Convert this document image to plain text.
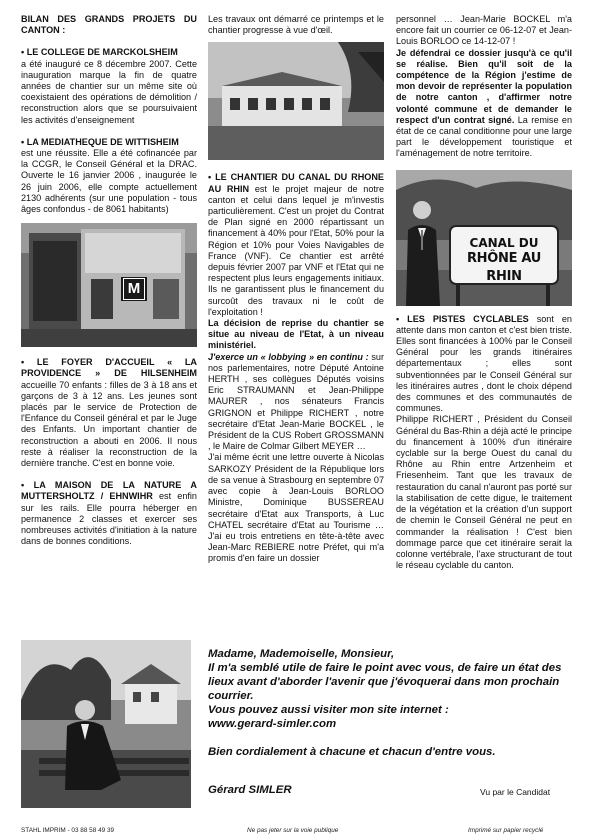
BILAN DES GRANDS PROJETS DU CANTON :

• LE COLLEGE DE MARCKOLSHEIM
a été inauguré ce 8 décembre 2007. Cette inauguration marque la fin de quatre années de chantier sur un même site où coexistaient des opérations de démolition / reconstruction alors que se poursuivaient les activités d'enseignement

• LA MEDIATHEQUE DE WITTISHEIM
est une réussite. Elle a été cofinancée par la CCGR, le Conseil Général et la DRAC. Ouverte le 16 janvier 2006 , inaugurée le 26 juin 2006, elle compte actuellement 2130 adhérents (sur une population - tous âges confondus - de 8061 habitants)

M

• LE FOYER D'ACCUEIL « LA PROVIDENCE » DE HILSENHEIM accueille 70 enfants : filles de 3 à 18 ans et garçons de 3 à 12 ans. Les jeunes sont placés par le service de Protection de l'Enfance du Conseil général et par le Juge des Enfants. Un important chantier de reconstruction a abouti en 2006. Il nous reste à réaliser la reconstruction de la dernière tranche. C'est en bonne voie.

• LA MAISON DE LA NATURE A MUTTERSHOLTZ / EHNWIHR est enfin sur les rails. Elle pourra héberger en permanence 2 classes et exercer ses nombreuses activités d'initiation à la nature dans de bonnes conditions.

Les travaux ont démarré ce printemps et le chantier progresse à vue d'œil.

• LE CHANTIER DU CANAL DU RHONE AU RHIN est le projet majeur de notre canton et celui dans lequel je m'investis particulièrement. C'est un projet du Contrat de Plan signé en 2000 répartissant un financement à 40% pour l'Etat, 50% pour la Région et 10% pour Voies Navigables de France (VNF). Ce chantier est arrêté depuis février 2007 par VNF et l'Etat qui ne respectent plus leurs engagements initiaux. Ils ne garantissent plus le financement du surcoût des travaux ni le coût de l'exploitation !

La décision de reprise du chantier se situe au niveau de l'Etat, à un niveau ministériel.

J'exerce un « lobbying » en continu : sur nos parlementaires, notre Député Antoine HERTH , ses collègues Députés voisins Eric STRAUMANN et Jean-Philippe MAURER , nos sénateurs Francis GRIGNON et Philippe RICHERT , notre secrétaire d'Etat Jean-Marie BOCKEL , le Président de la CUS Robert GROSSMANN , le Maire de Colmar Gilbert MEYER …

J'ai même écrit une lettre ouverte à Nicolas SARKOZY Président de la République lors de sa venue à Strasbourg en septembre 07 avec copie à Jean-Louis BORLOO Ministre, Dominique BUSSEREAU secrétaire d'Etat aux Transports, à Luc CHATEL secrétaire d'Etat au Tourisme … J'ai eu trois entretiens en tête-à-tête avec Jean-Marc REBIERE notre Préfet, qui m'a promis d'en faire un dossier

personnel … Jean-Marie BOCKEL m'a encore fait un courrier ce 06-12-07 et Jean-Louis BORLOO ce 14-12-07 !

Je défendrai ce dossier jusqu'à ce qu'il se réalise. Bien qu'il soit de la compétence de la Région j'estime de mon devoir de représenter la population de notre canton , d'affirmer notre volonté commune et de demander le respect d'un contrat signé. La remise en état de ce canal conditionne pour une large part le développement touristique et l'aménagement de notre territoire.

CANAL DU
RHÔNE AU RHIN

• LES PISTES CYCLABLES sont en attente dans mon canton et c'est bien triste. Elles sont financées à 100% par le Conseil Général pour les grands itinéraires départementaux ; elles sont subventionnées par le Conseil Général sur les itinéraires autres , dont le choix dépend des communes et des communautés de communes.

Philippe RICHERT , Président du Conseil Général du Bas-Rhin a déjà acté le principe du financement à 100% d'un itinéraire cyclable sur la berge Ouest du canal du Rhône au Rhin entre Artzenheim et Friesenheim. Tant que les travaux de restauration du canal n'auront pas porté sur la stabilisation de cette digue, le traitement de la végétation et la création d'un support de chemin le Conseil Général ne peut en commander la réalisation ! C'est bien dommage parce que cet itinéraire serait la colonne vertébrale, l'axe structurant de tout le réseau cyclable du canton.

Madame, Mademoiselle, Monsieur,

Il m'a semblé utile de faire le point avec vous, de faire un état des lieux avant d'aborder l'avenir que j'évoquerai dans mon prochain courrier.

Vous pouvez aussi visiter mon site internet :

www.gerard-simler.com

Bien cordialement à chacune et chacun d'entre vous.

Gérard SIMLER	Vu par le Candidat
STAHL IMPRIM - 03 88 58 49 39	Ne pas jeter sur la voie publique	Imprimé sur papier recyclé
